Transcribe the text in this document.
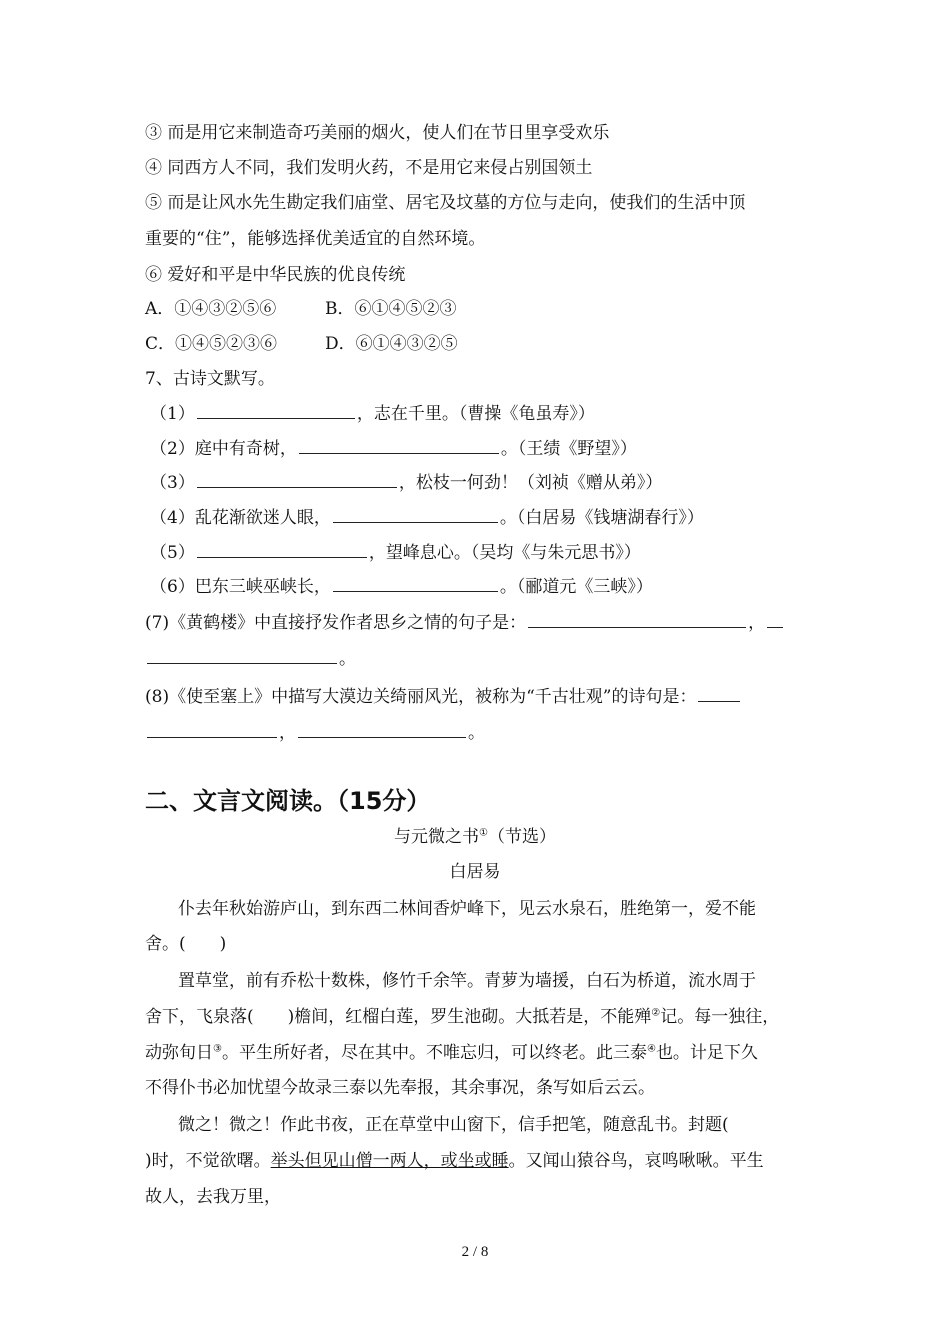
③ 而是用它来制造奇巧美丽的烟火，使人们在节日里享受欢乐
④ 同西方人不同，我们发明火药，不是用它来侵占别国领土
⑤ 而是让风水先生勘定我们庙堂、居宅及坟墓的方位与走向，使我们的生活中顶
重要的“住”，能够选择优美适宜的自然环境。
⑥ 爱好和平是中华民族的优良传统
A．①④③②⑤⑥	B．⑥①④⑤②③
C．①④⑤②③⑥	D．⑥①④③②⑤
7、古诗文默写。
（1）	，志在千里。（曹操《龟虽寿》）
（2）庭中有奇树，	。（王绩《野望》）
（3）	，松枝一何劲！（刘祯《赠从弟》）
（4）乱花渐欲迷人眼，	。（白居易《钱塘湖春行》）
（5）	，望峰息心。（吴均《与朱元思书》）
（6）巴东三峡巫峡长，	。（郦道元《三峡》）
(7)《黄鹤楼》中直接抒发作者思乡之情的句子是：	，
。
(8)《使至塞上》中描写大漠边关绮丽风光，被称为“千古壮观”的诗句是：
，	。
二、文言文阅读。（15分）
与元微之书①（节选）
白居易
仆去年秋始游庐山，到东西二林间香炉峰下，见云水泉石，胜绝第一，爱不能
舍。(　　)
置草堂，前有乔松十数株，修竹千余竿。青萝为墙援，白石为桥道，流水周于
舍下，飞泉落(　　)檐间，红榴白莲，罗生池砌。大抵若是，不能殚②记。每一独往，
动弥旬日③。平生所好者，尽在其中。不唯忘归，可以终老。此三泰④也。计足下久
不得仆书必加忧望今故录三泰以先奉报，其余事况，条写如后云云。
微之！微之！作此书夜，正在草堂中山窗下，信手把笔，随意乱书。封题(
)时，不觉欲曙。举头但见山僧一两人，或坐或睡。又闻山猿谷鸟，哀鸣啾啾。平生
故人，去我万里，
2 / 8
